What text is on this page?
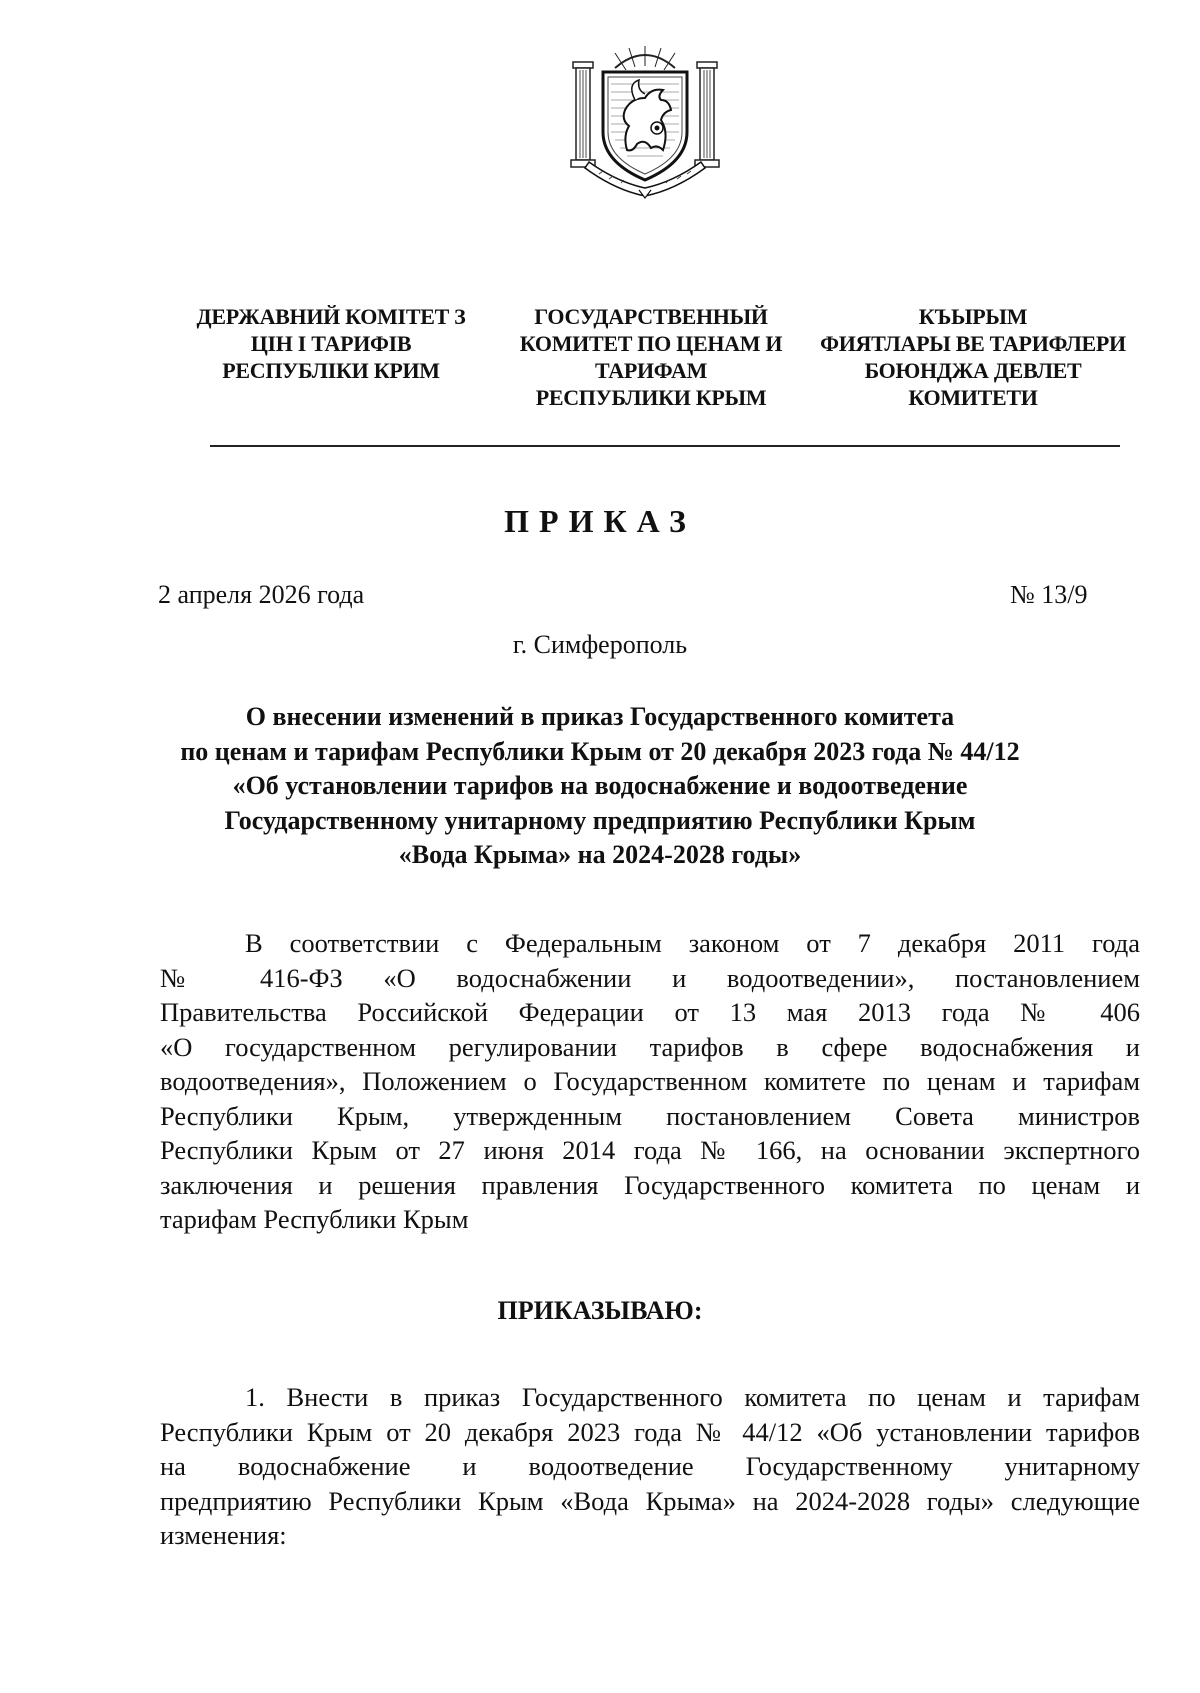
ДЕРЖАВНИЙ КОМІТЕТ З
ЦІН І ТАРИФІВ
РЕСПУБЛІКИ КРИМ
ГОСУДАРСТВЕННЫЙ
КОМИТЕТ ПО ЦЕНАМ И
ТАРИФАМ
РЕСПУБЛИКИ КРЫМ
КЪЫРЫМ
ФИЯТЛАРЫ ВЕ ТАРИФЛЕРИ
БОЮНДЖА ДЕВЛЕТ
КОМИТЕТИ
ПРИКАЗ
2 апреля 2026 года	№ 13/9
г. Симферополь
О внесении изменений в приказ Государственного комитета
по ценам и тарифам Республики Крым от 20 декабря 2023 года № 44/12
«Об установлении тарифов на водоснабжение и водоотведение
Государственному унитарному предприятию Республики Крым
«Вода Крыма» на 2024-2028 годы»
В соответствии с Федеральным законом от 7 декабря 2011 года
№ 416-ФЗ «О водоснабжении и водоотведении», постановлением
Правительства Российской Федерации от 13 мая 2013 года № 406
«О государственном регулировании тарифов в сфере водоснабжения и
водоотведения», Положением о Государственном комитете по ценам и тарифам
Республики Крым, утвержденным постановлением Совета министров
Республики Крым от 27 июня 2014 года № 166, на основании экспертного
заключения и решения правления Государственного комитета по ценам и
тарифам Республики Крым
ПРИКАЗЫВАЮ:
1. Внести в приказ Государственного комитета по ценам и тарифам
Республики Крым от 20 декабря 2023 года № 44/12 «Об установлении тарифов
на водоснабжение и водоотведение Государственному унитарному
предприятию Республики Крым «Вода Крыма» на 2024-2028 годы» следующие
изменения:
